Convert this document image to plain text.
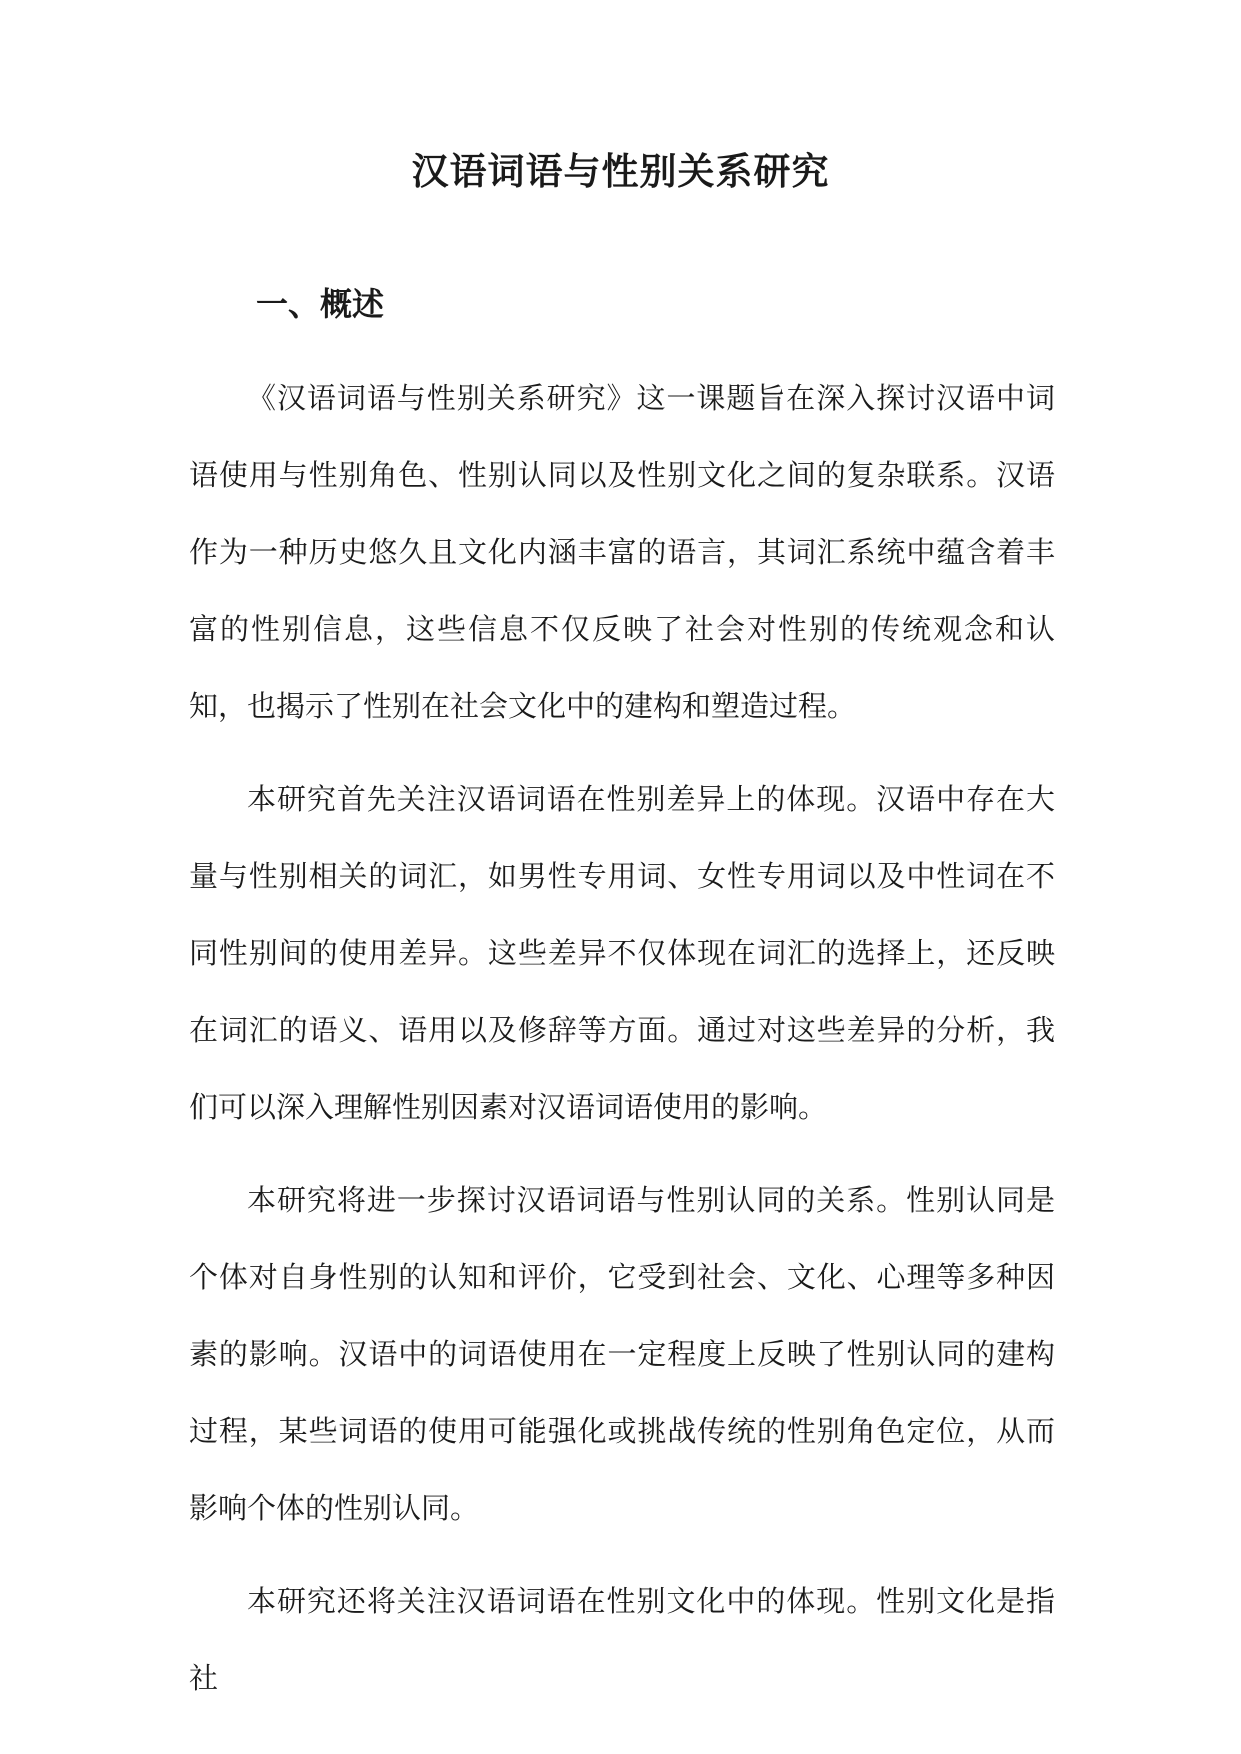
汉语词语与性别关系研究
一、概述

《汉语词语与性别关系研究》这一课题旨在深入探讨汉语中词语使用与性别角色、性别认同以及性别文化之间的复杂联系。汉语作为一种历史悠久且文化内涵丰富的语言，其词汇系统中蕴含着丰富的性别信息，这些信息不仅反映了社会对性别的传统观念和认知，也揭示了性别在社会文化中的建构和塑造过程。

本研究首先关注汉语词语在性别差异上的体现。汉语中存在大量与性别相关的词汇，如男性专用词、女性专用词以及中性词在不同性别间的使用差异。这些差异不仅体现在词汇的选择上，还反映在词汇的语义、语用以及修辞等方面。通过对这些差异的分析，我们可以深入理解性别因素对汉语词语使用的影响。

本研究将进一步探讨汉语词语与性别认同的关系。性别认同是个体对自身性别的认知和评价，它受到社会、文化、心理等多种因素的影响。汉语中的词语使用在一定程度上反映了性别认同的建构过程，某些词语的使用可能强化或挑战传统的性别角色定位，从而影响个体的性别认同。

本研究还将关注汉语词语在性别文化中的体现。性别文化是指社
